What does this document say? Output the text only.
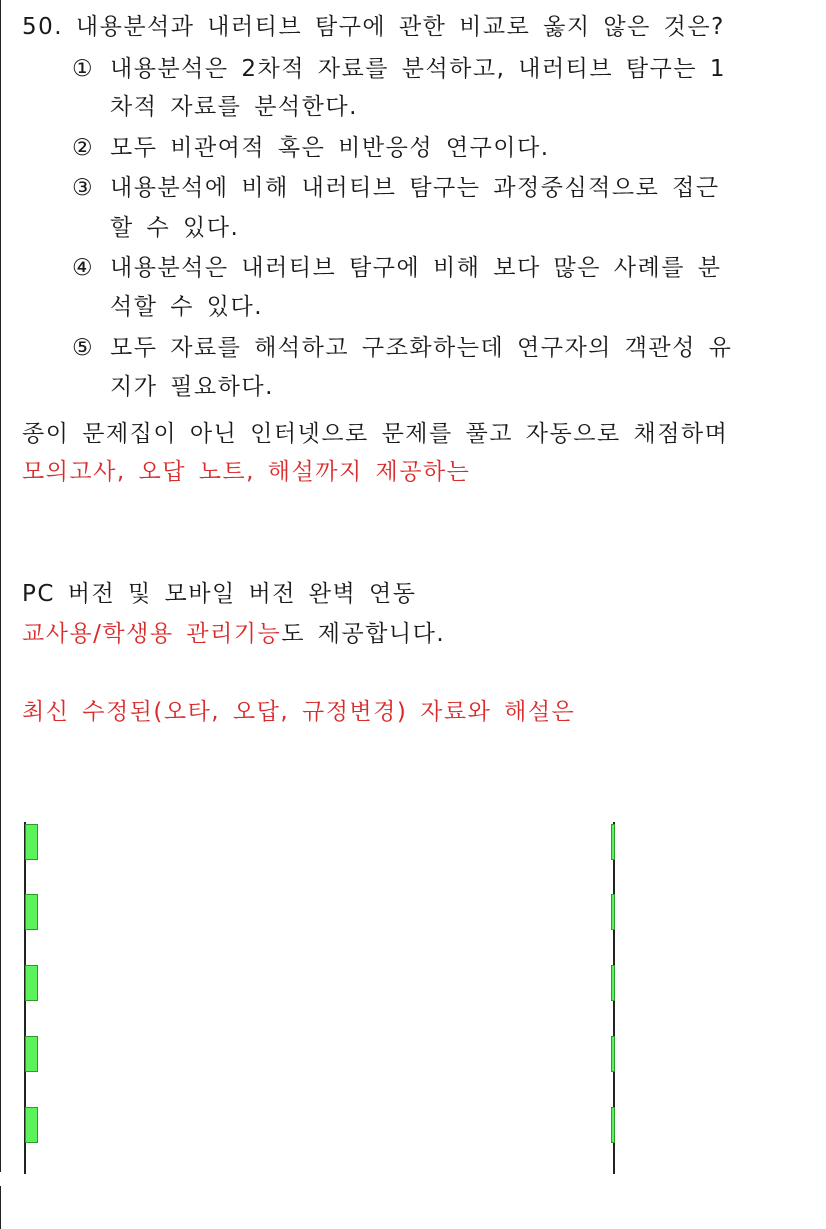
50. 내용분석과 내러티브 탐구에 관한 비교로 옳지 않은 것은?
① 내용분석은 2차적 자료를 분석하고, 내러티브 탐구는 1
차적 자료를 분석한다.
② 모두 비관여적 혹은 비반응성 연구이다.
③ 내용분석에 비해 내러티브 탐구는 과정중심적으로 접근
할 수 있다.
④ 내용분석은 내러티브 탐구에 비해 보다 많은 사례를 분
석할 수 있다.
⑤ 모두 자료를 해석하고 구조화하는데 연구자의 객관성 유
지가 필요하다.
종이 문제집이 아닌 인터넷으로 문제를 풀고 자동으로 채점하며
모의고사, 오답 노트, 해설까지 제공하는
PC 버전 및 모바일 버전 완벽 연동
교사용/학생용 관리기능도 제공합니다.
최신 수정된(오타, 오답, 규정변경) 자료와 해설은
